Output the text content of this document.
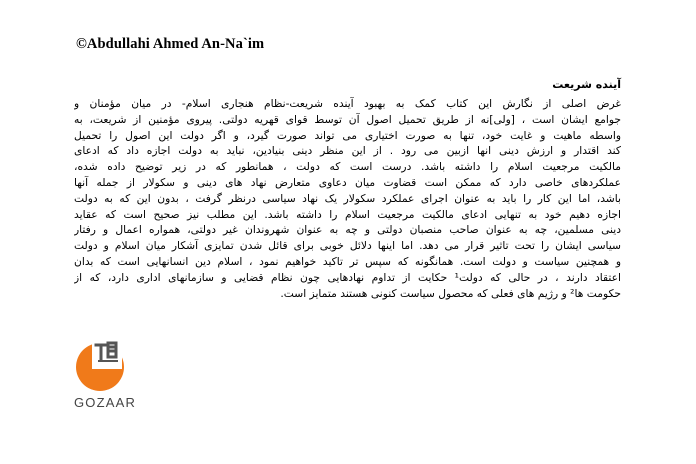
©Abdullahi Ahmed An-Na`im
آینده شریعت
غرض اصلی از نگارش این کتاب کمک به بهبود آینده شریعت-نظام هنجاری اسلام- در میان مؤمنان و
جوامع ایشان است ، [ولی]نه از طریق تحمیل اصول آن توسط قوای قهریه دولتی. پیروی مؤمنین از شریعت، به
واسطه ماهیت و غایت خود، تنها به صورت اختیاری می تواند صورت گیرد، و اگر دولت این اصول را تحمیل
کند اقتدار و ارزش دینی انها ازبین می رود . از این منظر دینی بنیادین، نباید به دولت اجازه داد که ادعای
مالکیت مرجعیت اسلام را داشته باشد. درست است که دولت ، همانطور که در زیر توضیح داده شده،
عملکردهای خاصی دارد که ممکن است قضاوت میان دعاوی متعارض نهاد های دینی و سکولار از جمله آنها
باشد، اما این کار را باید به عنوان اجرای عملکرد سکولار یک نهاد سیاسی درنظر گرفت ، بدون این که به دولت
اجازه دهیم خود به تنهایی ادعای مالکیت مرجعیت اسلام را داشته باشد. این مطلب نیز صحیح است که عقاید
دینی مسلمین، چه به عنوان صاحب منصبان دولتی و چه به عنوان شهروندان غیر دولتی، همواره اعمال و رفتار
سیاسی ایشان را تحت تاثیر قرار می دهد. اما اینها دلائل خوبی برای قائل شدن تمایزی آشکار میان اسلام و دولت
و همچنین سیاست و دولت است. همانگونه که سپس تر تاکید خواهیم نمود ، اسلام دین انسانهایی است که بدان
اعتقاد دارند ، در حالی که دولت¹ حکایت از تداوم نهادهایی چون نظام قضایی و سازمانهای اداری دارد، که از
حکومت ها² و رژیم های فعلی که محصول سیاست کنونی هستند متمایز است.
GOZAAR
